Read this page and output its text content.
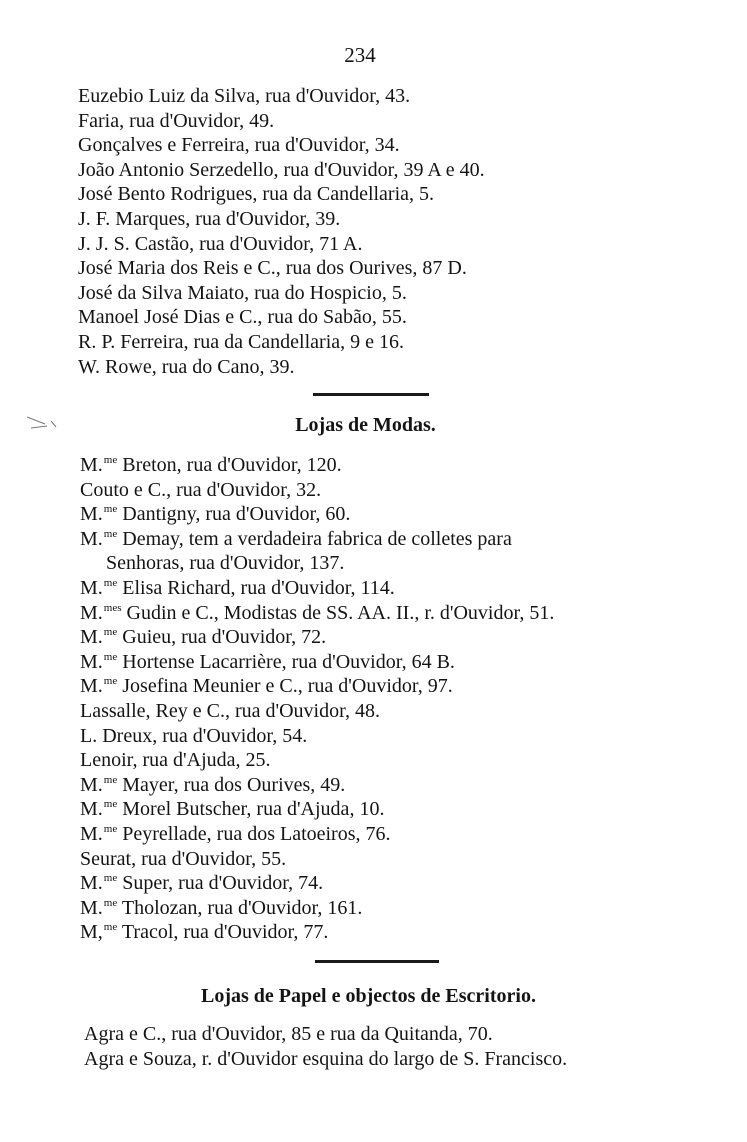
234
Euzebio Luiz da Silva, rua d'Ouvidor, 43.
Faria, rua d'Ouvidor, 49.
Gonçalves e Ferreira, rua d'Ouvidor, 34.
João Antonio Serzedello, rua d'Ouvidor, 39 A e 40.
José Bento Rodrigues, rua da Candellaria, 5.
J. F. Marques, rua d'Ouvidor, 39.
J. J. S. Castão, rua d'Ouvidor, 71 A.
José Maria dos Reis e C., rua dos Ourives, 87 D.
José da Silva Maiato, rua do Hospicio, 5.
Manoel José Dias e C., rua do Sabão, 55.
R. P. Ferreira, rua da Candellaria, 9 e 16.
W. Rowe, rua do Cano, 39.
Lojas de Modas.
M.$^{me}$ Breton, rua d'Ouvidor, 120.
Couto e C., rua d'Ouvidor, 32.
M.$^{me}$ Dantigny, rua d'Ouvidor, 60.
M.$^{me}$ Demay, tem a verdadeira fabrica de colletes para
Senhoras, rua d'Ouvidor, 137.
M.$^{me}$ Elisa Richard, rua d'Ouvidor, 114.
M.$^{mes}$ Gudin e C., Modistas de SS. AA. II., r. d'Ouvidor, 51.
M.$^{me}$ Guieu, rua d'Ouvidor, 72.
M.$^{me}$ Hortense Lacarrière, rua d'Ouvidor, 64 B.
M.$^{me}$ Josefina Meunier e C., rua d'Ouvidor, 97.
Lassalle, Rey e C., rua d'Ouvidor, 48.
L. Dreux, rua d'Ouvidor, 54.
Lenoir, rua d'Ajuda, 25.
M.$^{me}$ Mayer, rua dos Ourives, 49.
M.$^{me}$ Morel Butscher, rua d'Ajuda, 10.
M.$^{me}$ Peyrellade, rua dos Latoeiros, 76.
Seurat, rua d'Ouvidor, 55.
M.$^{me}$ Super, rua d'Ouvidor, 74.
M.$^{me}$ Tholozan, rua d'Ouvidor, 161.
M,$^{me}$ Tracol, rua d'Ouvidor, 77.
Lojas de Papel e objectos de Escritorio.
Agra e C., rua d'Ouvidor, 85 e rua da Quitanda, 70.
Agra e Souza, r. d'Ouvidor esquina do largo de S. Francisco.
